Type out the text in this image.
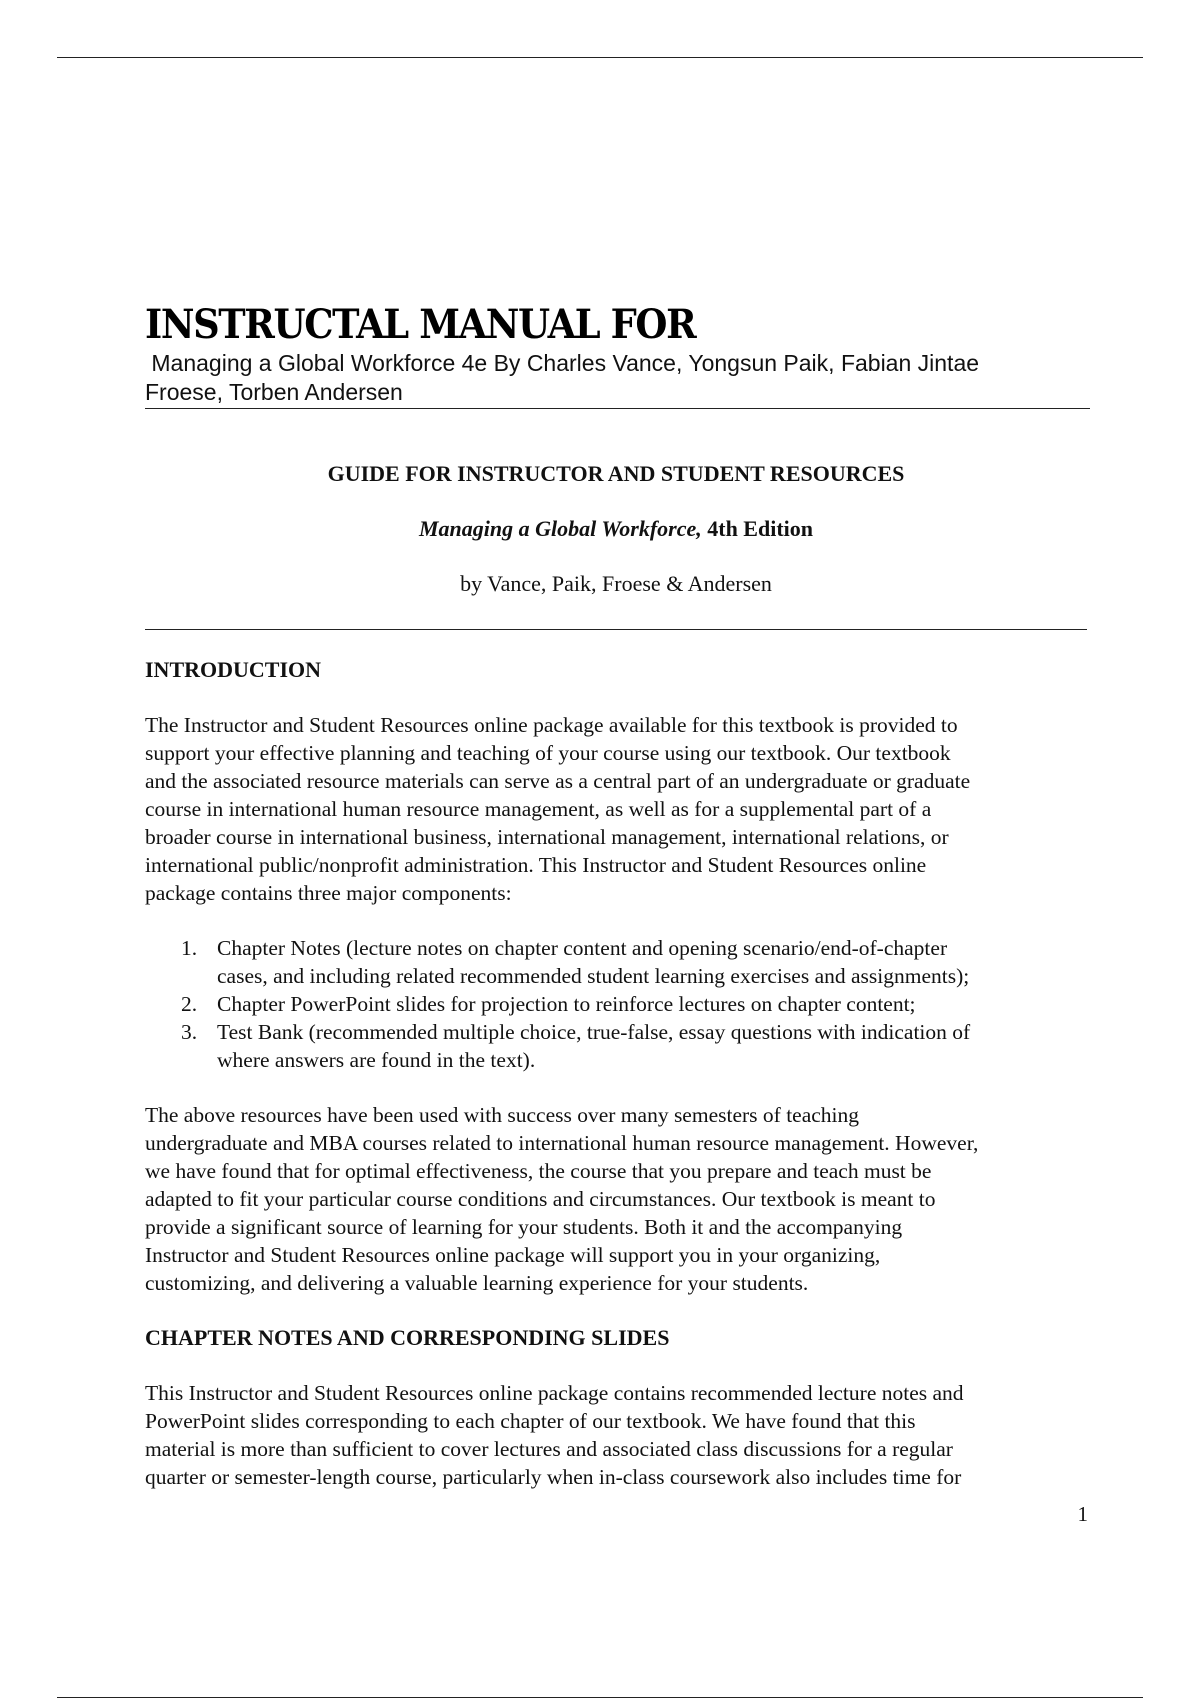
INSTRUCTAL MANUAL FOR
Managing a Global Workforce 4e By Charles Vance, Yongsun Paik, Fabian Jintae
Froese, Torben Andersen
GUIDE FOR INSTRUCTOR AND STUDENT RESOURCES
Managing a Global Workforce, 4th Edition
by Vance, Paik, Froese & Andersen
INTRODUCTION
The Instructor and Student Resources online package available for this textbook is provided to
support your effective planning and teaching of your course using our textbook. Our textbook
and the associated resource materials can serve as a central part of an undergraduate or graduate
course in international human resource management, as well as for a supplemental part of a
broader course in international business, international management, international relations, or
international public/nonprofit administration. This Instructor and Student Resources online
package contains three major components:
1. Chapter Notes (lecture notes on chapter content and opening scenario/end-of-chapter
cases, and including related recommended student learning exercises and assignments);
2. Chapter PowerPoint slides for projection to reinforce lectures on chapter content;
3. Test Bank (recommended multiple choice, true-false, essay questions with indication of
where answers are found in the text).
The above resources have been used with success over many semesters of teaching
undergraduate and MBA courses related to international human resource management. However,
we have found that for optimal effectiveness, the course that you prepare and teach must be
adapted to fit your particular course conditions and circumstances. Our textbook is meant to
provide a significant source of learning for your students. Both it and the accompanying
Instructor and Student Resources online package will support you in your organizing,
customizing, and delivering a valuable learning experience for your students.
CHAPTER NOTES AND CORRESPONDING SLIDES
This Instructor and Student Resources online package contains recommended lecture notes and
PowerPoint slides corresponding to each chapter of our textbook. We have found that this
material is more than sufficient to cover lectures and associated class discussions for a regular
quarter or semester-length course, particularly when in-class coursework also includes time for
1
